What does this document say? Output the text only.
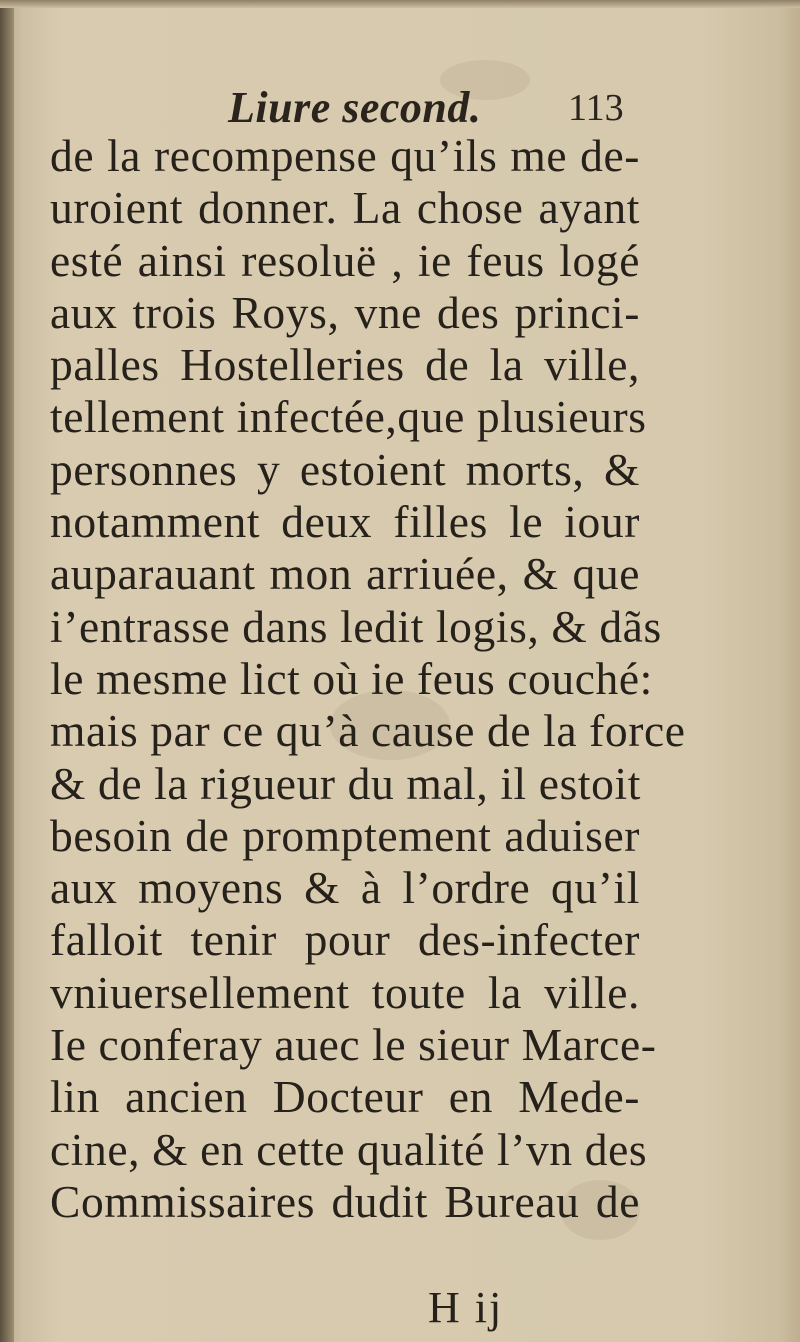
Liure second. 113
de la recompense qu’ils me de-
uroient donner. La chose ayant
esté ainsi resoluë , ie feus logé
aux trois Roys, vne des princi-
palles Hostelleries de la ville,
tellement infectée,que plusieurs
personnes y estoient morts, &
notamment deux filles le iour
auparauant mon arriuée, & que
i’entrasse dans ledit logis, & dãs
le mesme lict où ie feus couché:
mais par ce qu’à cause de la force
& de la rigueur du mal, il estoit
besoin de promptement aduiser
aux moyens & à l’ordre qu’il
falloit tenir pour des-infecter
vniuersellement toute la ville.
Ie conferay auec le sieur Marce-
lin ancien Docteur en Mede-
cine, & en cette qualité l’vn des
Commissaires dudit Bureau de
H ij
